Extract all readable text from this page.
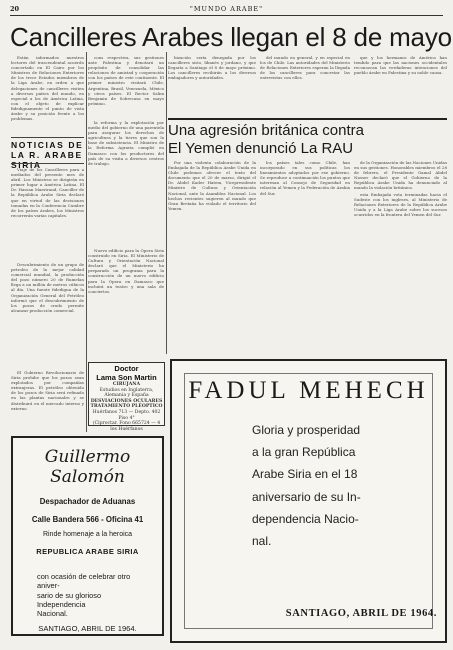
20	"MUNDO ARABE"
Cancilleres Arabes llegan el 8 de mayo

Están informados nuestros lectores del trascendental acuerdo concertado en El Cairo por los Ministros de Relaciones Exteriores de los trece Estados miembros de la Liga Arabe, en orden a que delegaciones de cancilleres visiten a diversos países del mundo, en especial a los de América Latina, con el objeto de explicar fidedignamente el punto de vista árabe y su posición frente a los problemas.

cons respectiva, sus gestiones ante Palestina y denotará un propósito de consolidar las relaciones de amistad y cooperación con los países de este continente. El primer ministro visitará Chile, Argentina, Brasil, Venezuela, México y otros países. El Rector Salim Benjamin de Sobrecasa en mayo próximo.

bización sería denegada por los cancilleres sirio, libanés y jordano, y que llegaría a Santiago el 8 de mayo próximo. Los cancilleres recibirán a los diversos embajadores y autoridades.

del mundo en general, y en especial en los de Chile. Las autoridades del Ministerio de Relaciones Exteriores esperan la llegada de los cancilleres para concretar las entrevistas con ellos.

que y los hermanos de América han tendido para que las naciones occidentales reconozcan las verdaderas intenciones del pueblo árabe en Palestina y su noble causa.

NOTICIAS DE LA R. ARABE SIRIA

Viaje de los Cancilleres para a mediados del presente mes de abril. Los Ministros se dirigirán en primer lugar a América Latina. El Dr. Hassan Marstrand, Canciller de la República Arabe Siria declaró que en virtud de las decisiones tomadas en la Conferencia Cumbre de los países árabes, los Ministros recorrerán varias capitales.

Descubrimiento de un grupo de petroleo de la mejor calidad comercial mundial, la producción del pozo número 20 de Rumelan llega a un millón de metros cúbicos al día. Una fuente fidedigna de la Organización General del Petróleo informó que el descubrimiento de los pozos de crudo permite alcanzar producción comercial.

El Gobierno Revolucionario de Siria prohibe que los pozos sean explotados por compañías extranjeras. El petróleo obtenido de los pozos de Siria será refinado en las plantas nacionales y se distribuirá en el mercado interno y externo.

la reforma y la explotación por medio del gobierno de una parentela para asegurar los derechos de agricultura y la tierra que son la base de subsistencia. El Ministro de la Reforma Agraria cumplió en Damasco con los productores del país de su visita a diversos centros de trabajo.

Nuevo edificio para la Opera Siria construido en Siria. El Ministerio de Cultura y Orientación Nacional declaró que el Ministerio ha preparado un programa para la construcción de un nuevo edificio para la Opera en Damasco que incluirá un teatro y una sala de conciertos.

Una agresión británica contra
El Yemen denunció La RAU

Por una violenta colaboración de la Embajada de la República Arabe Unida en Chile podemos ofrecer el texto del documento que el 20 de marzo, dirigió el Dr. Abdel Kader Hatem, Vicepresidente Ministro de Cultura y Orientación Nacional, ante la Asamblea Nacional. Los hechos recientes sugieren al mundo que Gran Bretaña ha violado el territorio del Yemen.

los países tales como Chile, han incorporado en sus políticas los lineamientos adoptados por ese gobierno. Se reproduce a continuación los puntos que interesan al Consejo de Seguridad en relación al Yemen y la Federación de Arabia del Sur.

de la Organización de las Naciones Unidas en sus gestiones. Honorables miembros el 28 de febrero, el Presidente Gamal Abdel Nasser declaró que el Gobierno de la República Arabe Unida ha denunciado al mundo la violación británica.

esta Embajada vota terminadas hacia el Sudeste con los ingleses, al Ministerio de Relaciones Exteriores de la República Arabe Unida y a la Liga Arabe sobre los sucesos ocurridos en la frontera del Yemen del Sur.

Doctor
Lama Son Martin
CIRUJANA
Estudios en Inglaterra,
Alemania y España
DESVIACIONES OCULARES
TRATAMIENTO PLÉOPTICO
Huérfanos 713 — Depto. 402
Piso 4°
(Ciproctar. Fono 665724 — 4
los Huérfanos
Guillermo Salomón
Despachador de Aduanas
Calle Bandera 566 - Oficina 41
Rinde homenaje a la heroica
REPUBLICA ARABE SIRIA
con ocasión de celebrar otro aniver-
sario de su glorioso Independencia
Nacional.
SANTIAGO, ABRIL DE 1964.
FADUL MEHECH
Gloria y prosperidad
a la gran República
Arabe Siria en el 18
aniversario de su In-
dependencia Nacio-
nal.
SANTIAGO, ABRIL DE 1964.
